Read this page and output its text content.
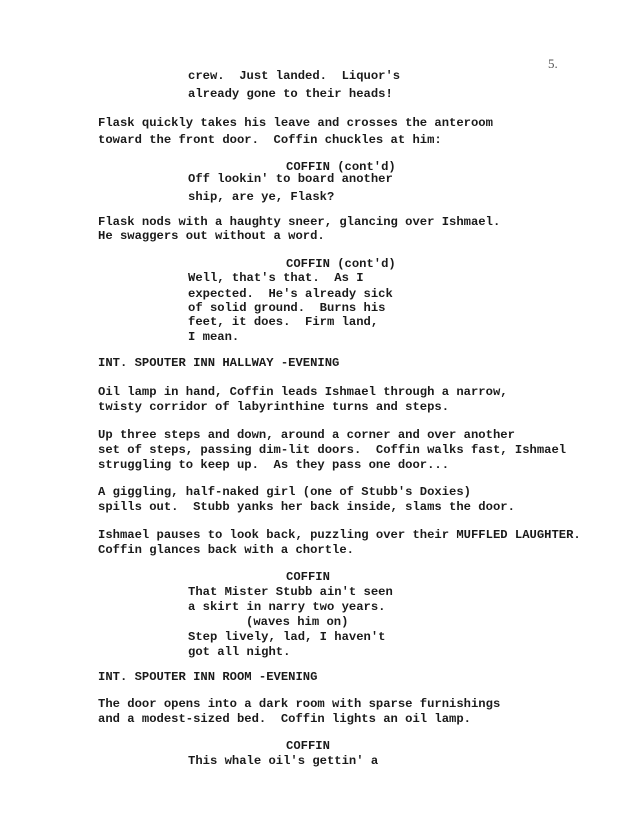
5.
crew.  Just landed.  Liquor's
already gone to their heads!
Flask quickly takes his leave and crosses the anteroom
toward the front door.  Coffin chuckles at him:
COFFIN (cont'd)
Off lookin' to board another
ship, are ye, Flask?
Flask nods with a haughty sneer, glancing over Ishmael.
He swaggers out without a word.
COFFIN (cont'd)
Well, that's that.  As I
expected.  He's already sick
of solid ground.  Burns his
feet, it does.  Firm land,
I mean.
INT. SPOUTER INN HALLWAY -EVENING
Oil lamp in hand, Coffin leads Ishmael through a narrow,
twisty corridor of labyrinthine turns and steps.
Up three steps and down, around a corner and over another
set of steps, passing dim-lit doors.  Coffin walks fast, Ishmael
struggling to keep up.  As they pass one door...
A giggling, half-naked girl (one of Stubb's Doxies)
spills out.  Stubb yanks her back inside, slams the door.
Ishmael pauses to look back, puzzling over their MUFFLED LAUGHTER.
Coffin glances back with a chortle.
COFFIN
That Mister Stubb ain't seen
a skirt in narry two years.
(waves him on)
Step lively, lad, I haven't
got all night.
INT. SPOUTER INN ROOM -EVENING
The door opens into a dark room with sparse furnishings
and a modest-sized bed.  Coffin lights an oil lamp.
COFFIN
This whale oil's gettin' a
